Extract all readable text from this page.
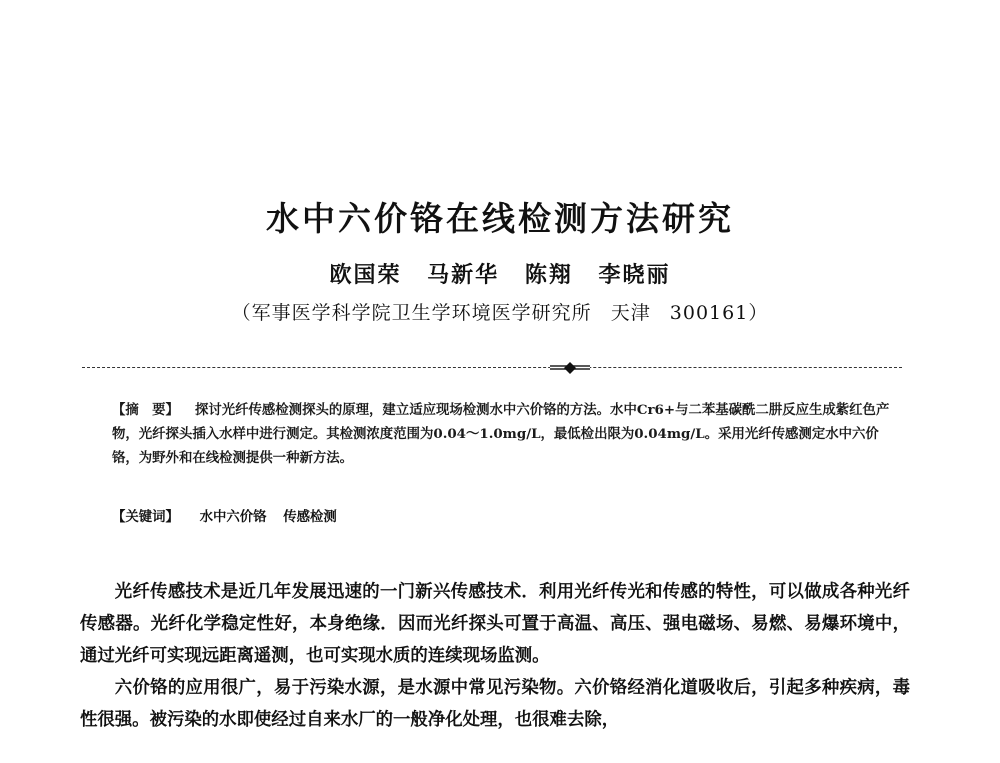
水中六价铬在线检测方法研究
欧国荣 马新华 陈翔 李晓丽
（军事医学科学院卫生学环境医学研究所 天津 300161）
【摘　要】 探讨光纤传感检测探头的原理，建立适应现场检测水中六价铬的方法。水中Cr6+与二苯基碳酰二肼反应生成紫红色产物，光纤探头插入水样中进行测定。其检测浓度范围为0.04～1.0mg/L，最低检出限为0.04mg/L。采用光纤传感测定水中六价铬，为野外和在线检测提供一种新方法。
【关键词】 水中六价铬 传感检测

光纤传感技术是近几年发展迅速的一门新兴传感技术．利用光纤传光和传感的特性，可以做成各种光纤传感器。光纤化学稳定性好，本身绝缘．因而光纤探头可置于高温、高压、强电磁场、易燃、易爆环境中，通过光纤可实现远距离遥测，也可实现水质的连续现场监测。

六价铬的应用很广，易于污染水源，是水源中常见污染物。六价铬经消化道吸收后，引起多种疾病，毒性很强。被污染的水即使经过自来水厂的一般净化处理，也很难去除，
